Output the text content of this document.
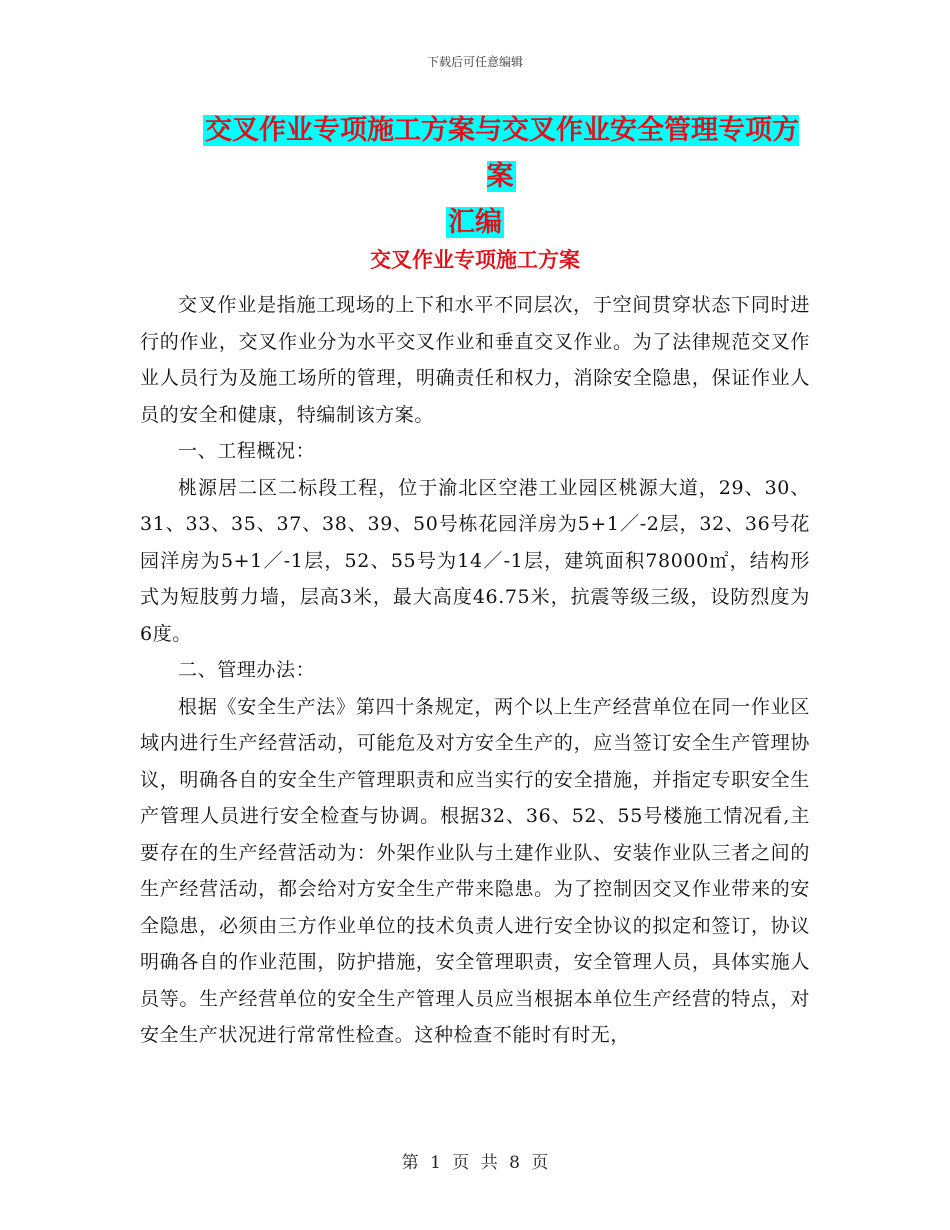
下载后可任意编辑
交叉作业专项施工方案与交叉作业安全管理专项方案
汇编
交叉作业专项施工方案

交叉作业是指施工现场的上下和水平不同层次，于空间贯穿状态下同时进行的作业，交叉作业分为水平交叉作业和垂直交叉作业。为了法律规范交叉作业人员行为及施工场所的管理，明确责任和权力，消除安全隐患，保证作业人员的安全和健康，特编制该方案。

一、工程概况：

桃源居二区二标段工程，位于渝北区空港工业园区桃源大道，29、30、31、33、35、37、38、39、50号栋花园洋房为5+1／-2层，32、36号花园洋房为5+1／-1层，52、55号为14／-1层，建筑面积78000㎡，结构形式为短肢剪力墙，层高3米，最大高度46.75米，抗震等级三级，设防烈度为6度。

二、管理办法：

根据《安全生产法》第四十条规定，两个以上生产经营单位在同一作业区域内进行生产经营活动，可能危及对方安全生产的，应当签订安全生产管理协议，明确各自的安全生产管理职责和应当实行的安全措施，并指定专职安全生产管理人员进行安全检查与协调。根据32、36、52、55号楼施工情况看,主要存在的生产经营活动为：外架作业队与土建作业队、安装作业队三者之间的生产经营活动，都会给对方安全生产带来隐患。为了控制因交叉作业带来的安全隐患，必须由三方作业单位的技术负责人进行安全协议的拟定和签订，协议明确各自的作业范围，防护措施，安全管理职责，安全管理人员，具体实施人员等。生产经营单位的安全生产管理人员应当根据本单位生产经营的特点，对安全生产状况进行常常性检查。这种检查不能时有时无，

第 1 页 共 8 页
